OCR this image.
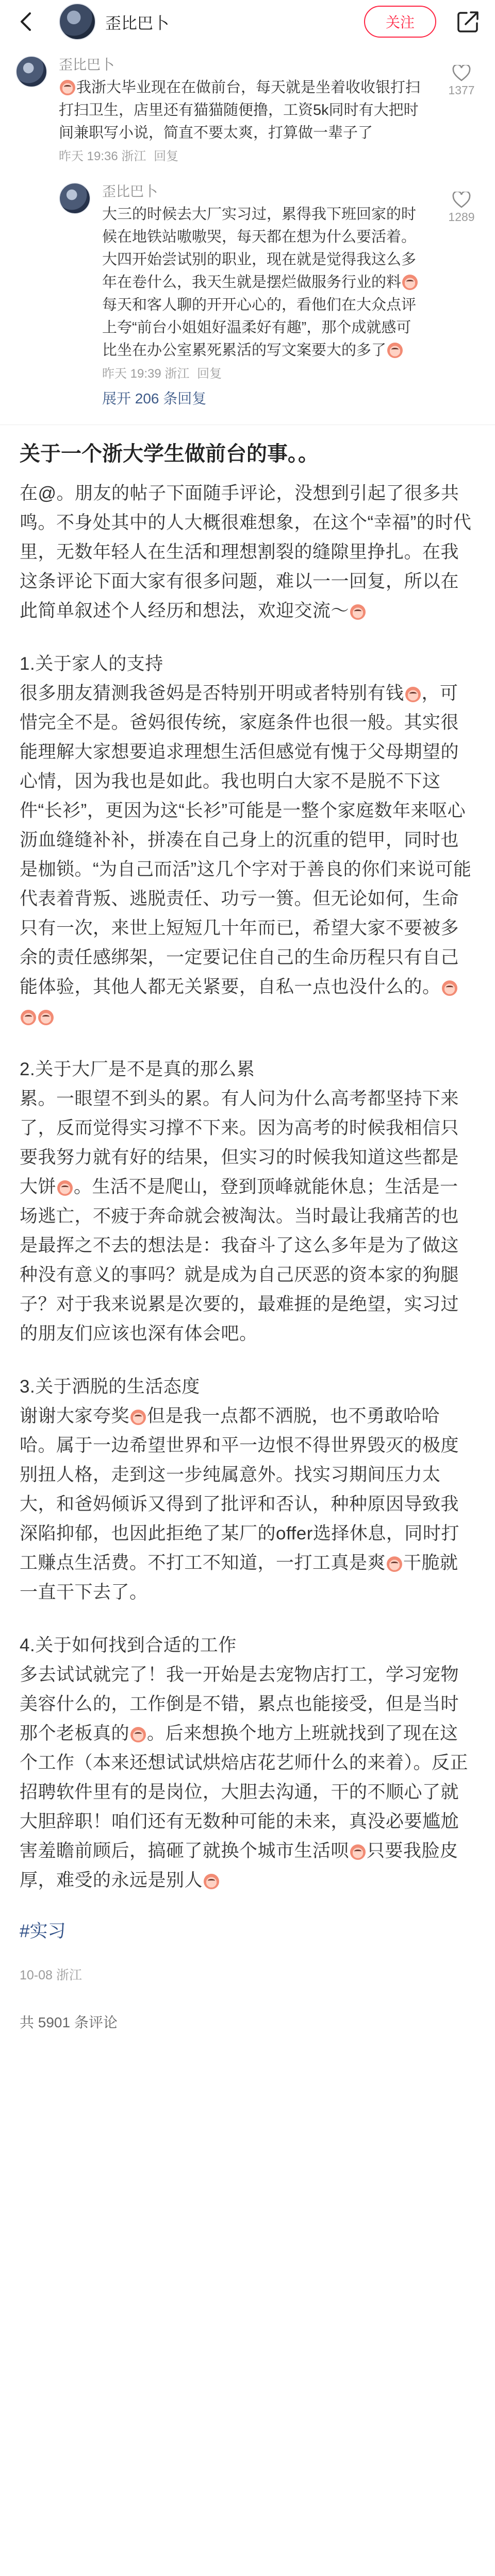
歪比巴卜	关注
歪比巴卜
我浙大毕业现在在做前台，每天就是坐着收收银打扫打扫卫生，店里还有猫猫随便撸，工资5k同时有大把时间兼职写小说，简直不要太爽，打算做一辈子了
昨天 19:36 浙江 回复
1377
歪比巴卜
大三的时候去大厂实习过，累得我下班回家的时候在地铁站嗷嗷哭，每天都在想为什么要活着。大四开始尝试别的职业，现在就是觉得我这么多年在卷什么，我天生就是摆烂做服务行业的料每天和客人聊的开开心心的，看他们在大众点评上夸“前台小姐姐好温柔好有趣”，那个成就感可比坐在办公室累死累活的写文案要大的多了
昨天 19:39 浙江 回复
1289
展开 206 条回复
关于一个浙大学生做前台的事。。
在@。朋友的帖子下面随手评论，没想到引起了很多共鸣。不身处其中的人大概很难想象，在这个“幸福”的时代里，无数年轻人在生活和理想割裂的缝隙里挣扎。在我这条评论下面大家有很多问题，难以一一回复，所以在此简单叙述个人经历和想法，欢迎交流～
1.关于家人的支持
很多朋友猜测我爸妈是否特别开明或者特别有钱 ，可惜完全不是。爸妈很传统，家庭条件也很一般。其实很能理解大家想要追求理想生活但感觉有愧于父母期望的心情，因为我也是如此。我也明白大家不是脱不下这件“长衫”，更因为这“长衫”可能是一整个家庭数年来呕心沥血缝缝补补，拼凑在自己身上的沉重的铠甲，同时也是枷锁。“为自己而活”这几个字对于善良的你们来说可能代表着背叛、逃脱责任、功亏一篑。但无论如何，生命只有一次，来世上短短几十年而已，希望大家不要被多余的责任感绑架，一定要记住自己的生命历程只有自己能体验，其他人都无关紧要，自私一点也没什么的。
2.关于大厂是不是真的那么累
累。一眼望不到头的累。有人问为什么高考都坚持下来了，反而觉得实习撑不下来。因为高考的时候我相信只要我努力就有好的结果，但实习的时候我知道这些都是大饼 。生活不是爬山，登到顶峰就能休息；生活是一场逃亡，不疲于奔命就会被淘汰。当时最让我痛苦的也是最挥之不去的想法是：我奋斗了这么多年是为了做这种没有意义的事吗？就是成为自己厌恶的资本家的狗腿子？对于我来说累是次要的，最难捱的是绝望，实习过的朋友们应该也深有体会吧。
3.关于洒脱的生活态度
谢谢大家夸奖 但是我一点都不洒脱，也不勇敢哈哈哈。属于一边希望世界和平一边恨不得世界毁灭的极度别扭人格，走到这一步纯属意外。找实习期间压力太大，和爸妈倾诉又得到了批评和否认，种种原因导致我深陷抑郁，也因此拒绝了某厂的offer选择休息，同时打工赚点生活费。不打工不知道，一打工真是爽 干脆就一直干下去了。
4.关于如何找到合适的工作
多去试试就完了！我一开始是去宠物店打工，学习宠物美容什么的，工作倒是不错，累点也能接受，但是当时那个老板真的 。后来想换个地方上班就找到了现在这个工作（本来还想试试烘焙店花艺师什么的来着）。反正招聘软件里有的是岗位，大胆去沟通，干的不顺心了就大胆辞职！咱们还有无数种可能的未来，真没必要尴尬害羞瞻前顾后，搞砸了就换个城市生活呗 只要我脸皮厚，难受的永远是别人
#实习
10-08 浙江
共 5901 条评论
